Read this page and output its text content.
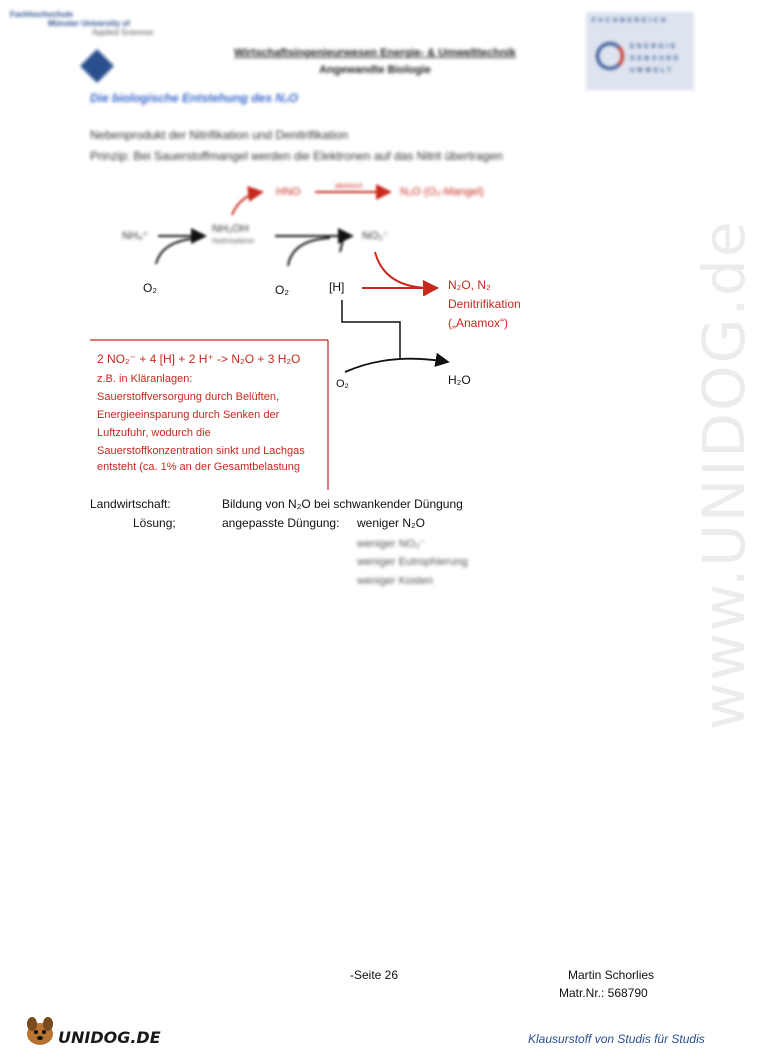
www.UNIDOG.de
Fachhochschule
Münster University of
Applied Sciences
Wirtschaftsingenieurwesen Energie- & Umwelttechnik
Angewandte Biologie
FACHBEREICH
ENERGIE
GEBÄUDE
UMWELT
Die biologische Entstehung des N₂O
Nebenprodukt der Nitrifikation und Denitrifikation
Prinzip: Bei Sauerstoffmangel werden die Elektronen auf das Nitrit übertragen
HNO	abiotisch	N₂O (O₂-Mangel)
NH₄⁺
NH₂OH
Hydroxylamin	NO₂⁻
O₂	O₂	[H]	N₂O, N₂
Denitrifikation
(„Anamox“)
O₂	H₂O
2 NO₂⁻ + 4 [H] + 2 H⁺ -> N₂O + 3 H₂O
z.B. in Kläranlagen:
Sauerstoffversorgung durch Belüften,
Energieeinsparung durch Senken der
Luftzufuhr, wodurch die
Sauerstoffkonzentration sinkt und Lachgas
entsteht (ca. 1% an der Gesamtbelastung
Landwirtschaft:	Bildung von N₂O bei schwankender Düngung
Lösung;	angepasste Düngung: weniger N₂O
weniger NO₃⁻
weniger Eutrophierung
weniger Kosten
-Seite 26	Martin Schorlies
Matr.Nr.: 568790
UNIDOG.DE	Klausurstoff von Studis für Studis
